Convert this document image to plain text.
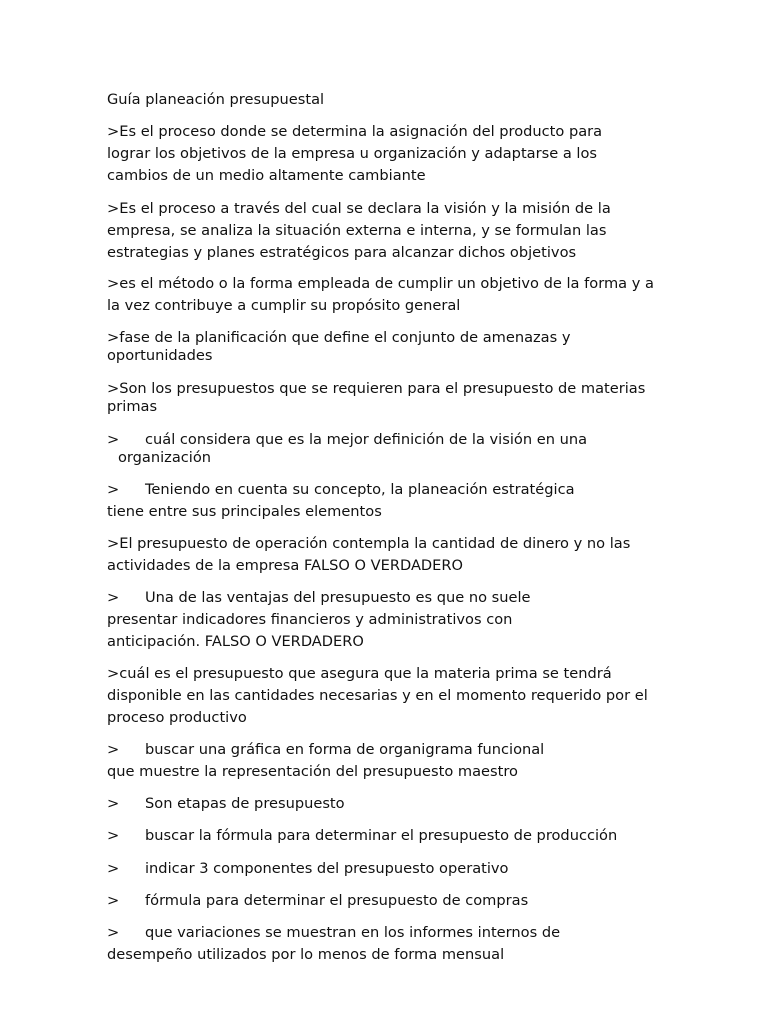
Guía planeación presupuestal

>Es el proceso donde se determina la asignación del producto para
lograr los objetivos de la empresa u organización y adaptarse a los
cambios de un medio altamente cambiante

>Es el proceso a través del cual se declara la visión y la misión de la
empresa, se analiza la situación externa e interna, y se formulan las
estrategias y planes estratégicos para alcanzar dichos objetivos

>es el método o la forma empleada de cumplir un objetivo de la forma y a
la vez contribuye a cumplir su propósito general

>fase de la planificación que define el conjunto de amenazas y
oportunidades

>Son los presupuestos que se requieren para el presupuesto de materias
primas

> cuál considera que es la mejor definición de la visión en una
organización

> Teniendo en cuenta su concepto, la planeación estratégica
tiene entre sus principales elementos

>El presupuesto de operación contempla la cantidad de dinero y no las
actividades de la empresa FALSO O VERDADERO

> Una de las ventajas del presupuesto es que no suele
presentar indicadores financieros y administrativos con
anticipación. FALSO O VERDADERO

>cuál es el presupuesto que asegura que la materia prima se tendrá
disponible en las cantidades necesarias y en el momento requerido por el
proceso productivo

> buscar una gráfica en forma de organigrama funcional
que muestre la representación del presupuesto maestro

> Son etapas de presupuesto

> buscar la fórmula para determinar el presupuesto de producción

> indicar 3 componentes del presupuesto operativo

> fórmula para determinar el presupuesto de compras

> que variaciones se muestran en los informes internos de
desempeño utilizados por lo menos de forma mensual
